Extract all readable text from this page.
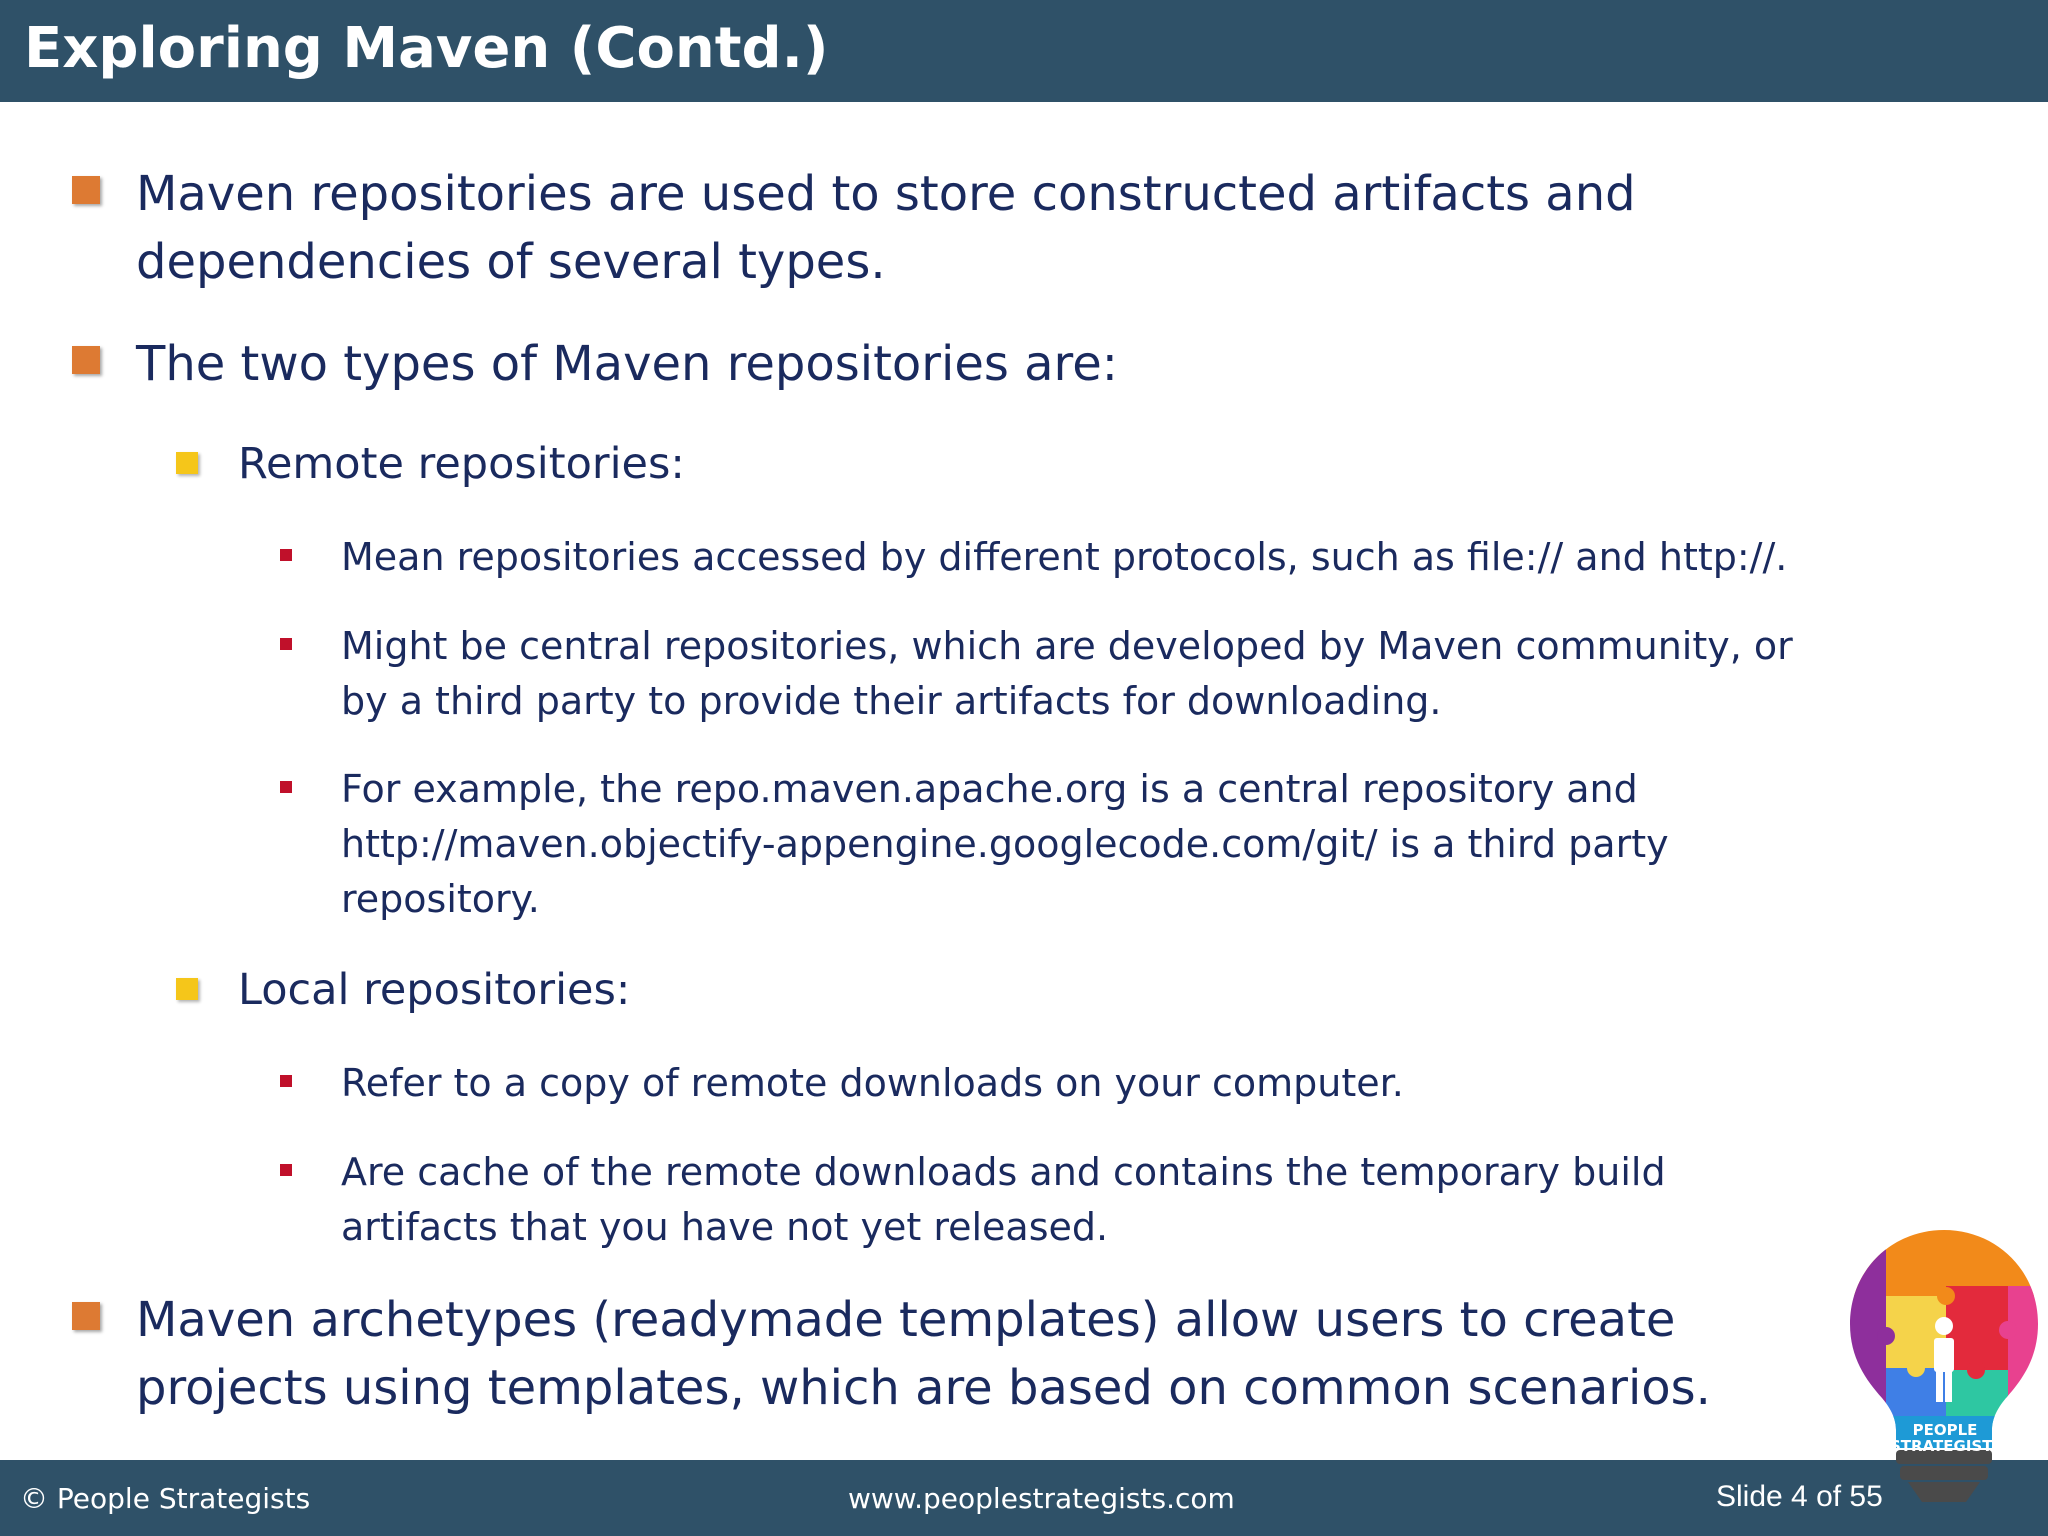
Exploring Maven (Contd.)
Maven repositories are used to store constructed artifacts and dependencies of several types.
The two types of Maven repositories are:
Remote repositories:
Mean repositories accessed by different protocols, such as file:// and http://.
Might be central repositories, which are developed by Maven community, or by a third party to provide their artifacts for downloading.
For example, the repo.maven.apache.org is a central repository and http://maven.objectify-appengine.googlecode.com/git/ is a third party repository.
Local repositories:
Refer to a copy of remote downloads on your computer.
Are cache of the remote downloads and contains the temporary build artifacts that you have not yet released.
Maven archetypes (readymade templates) allow users to create projects using templates, which are based on common scenarios.
© People Strategists	www.peoplestrategists.com	Slide 4 of 55
PEOPLE STRATEGISTS
